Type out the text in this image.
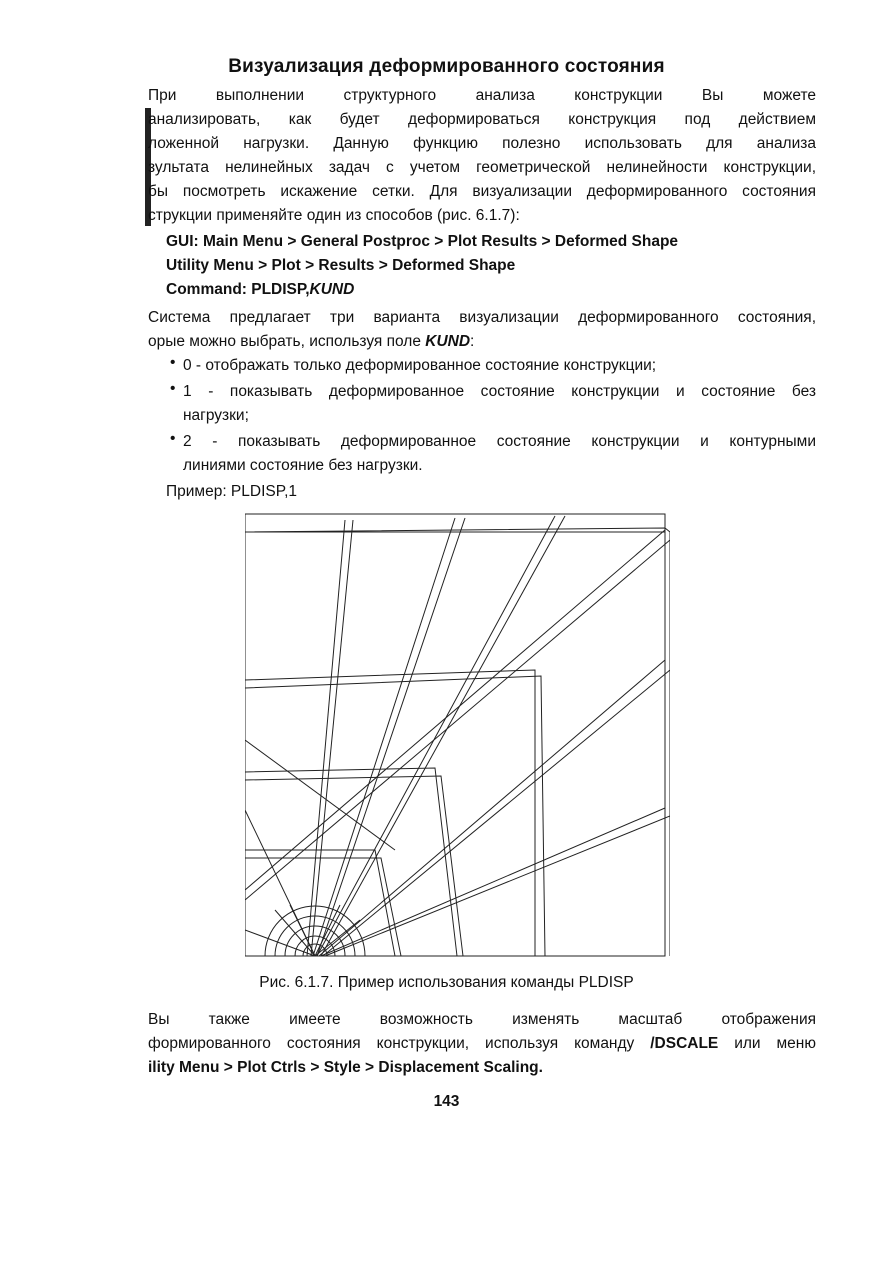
Визуализация деформированного состояния
При выполнении структурного анализа конструкции Вы можете
анализировать, как будет деформироваться конструкция под действием
ложенной нагрузки. Данную функцию полезно использовать для анализа
зультата нелинейных задач с учетом геометрической нелинейности конструкции,
бы посмотреть искажение сетки. Для визуализации деформированного состояния
струкции применяйте один из способов (рис. 6.1.7):
GUI: Main Menu > General Postproc > Plot Results > Deformed Shape
Utility Menu > Plot > Results > Deformed Shape
Command: PLDISP,KUND
Система предлагает три варианта визуализации деформированного состояния,
орые можно выбрать, используя поле KUND:
• 0 - отображать только деформированное состояние конструкции;
• 1 - показывать деформированное состояние конструкции и состояние без
нагрузки;
• 2 - показывать деформированное состояние конструкции и контурными
линиями состояние без нагрузки.
Пример: PLDISP,1
Рис. 6.1.7. Пример использования команды PLDISP
Вы также имеете возможность изменять масштаб отображения
формированного состояния конструкции, используя команду /DSCALE или меню
ility Menu > Plot Ctrls > Style > Displacement Scaling.
143
